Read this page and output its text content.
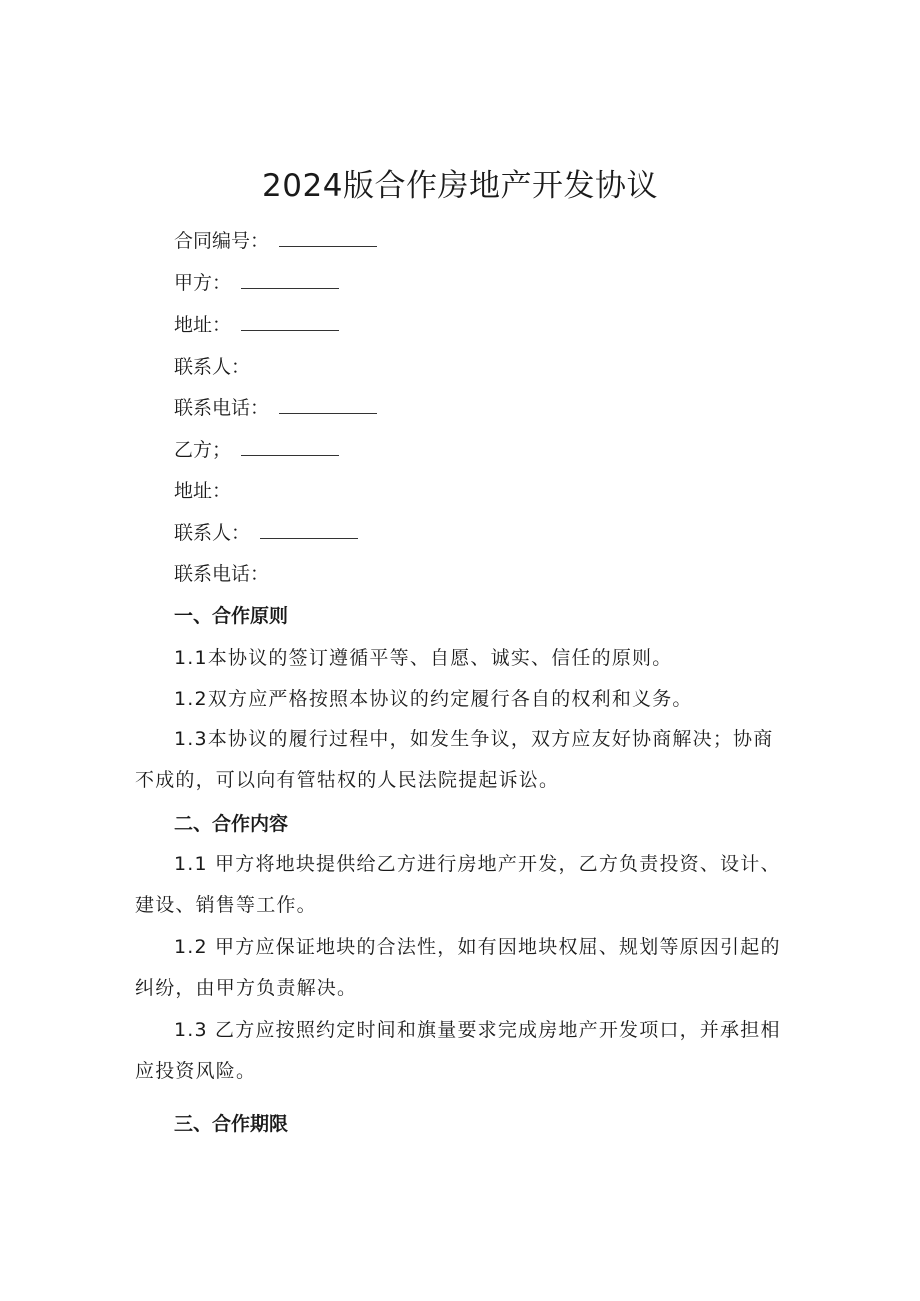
2024版合作房地产开发协议
合同编号：
甲方：
地址：
联系人：
联系电话：
乙方；
地址：
联系人：
联系电话：
一、合作原则
1.1本协议的签订遵循平等、自愿、诚实、信任的原则。
1.2双方应严格按照本协议的约定履行各自的权利和义务。
1.3本协议的履行过程中，如发生争议，双方应友好协商解决；协商不成的，可以向有管牯权的人民法院提起诉讼。
二、合作内容
1.1 甲方将地块提供给乙方进行房地产开发，乙方负责投资、设计、建设、销售等工作。
1.2 甲方应保证地块的合法性，如有因地块权屈、规划等原因引起的纠纷，由甲方负责解决。
1.3 乙方应按照约定时间和旗量要求完成房地产开发项口，并承担相应投资风险。
三、合作期限
